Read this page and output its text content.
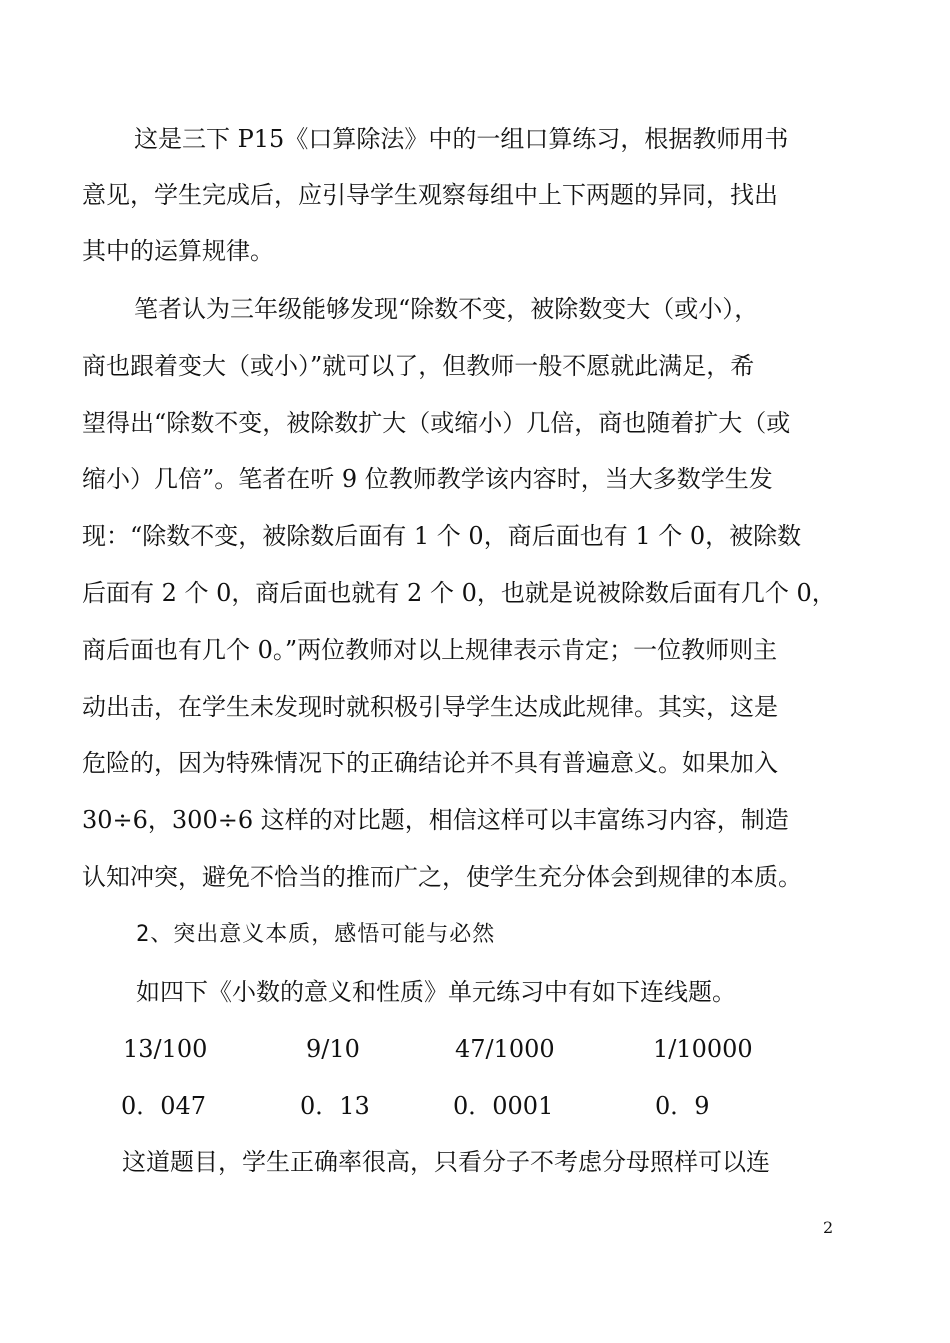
这是三下 P15《口算除法》中的一组口算练习，根据教师用书
意见，学生完成后，应引导学生观察每组中上下两题的异同，找出
其中的运算规律。
笔者认为三年级能够发现“除数不变，被除数变大（或小），
商也跟着变大（或小）”就可以了，但教师一般不愿就此满足，希
望得出“除数不变，被除数扩大（或缩小）几倍，商也随着扩大（或
缩小）几倍”。笔者在听 9 位教师教学该内容时，当大多数学生发
现：“除数不变，被除数后面有 1 个 0，商后面也有 1 个 0，被除数
后面有 2 个 0，商后面也就有 2 个 0，也就是说被除数后面有几个 0，
商后面也有几个 0。”两位教师对以上规律表示肯定；一位教师则主
动出击，在学生未发现时就积极引导学生达成此规律。其实，这是
危险的，因为特殊情况下的正确结论并不具有普遍意义。如果加入
30÷6，300÷6 这样的对比题，相信这样可以丰富练习内容，制造
认知冲突，避免不恰当的推而广之，使学生充分体会到规律的本质。
2、突出意义本质，感悟可能与必然
如四下《小数的意义和性质》单元练习中有如下连线题。
13/100	9/10	47/1000	1/10000
0．047	0．13	0．0001	0．9
这道题目，学生正确率很高，只看分子不考虑分母照样可以连
2
